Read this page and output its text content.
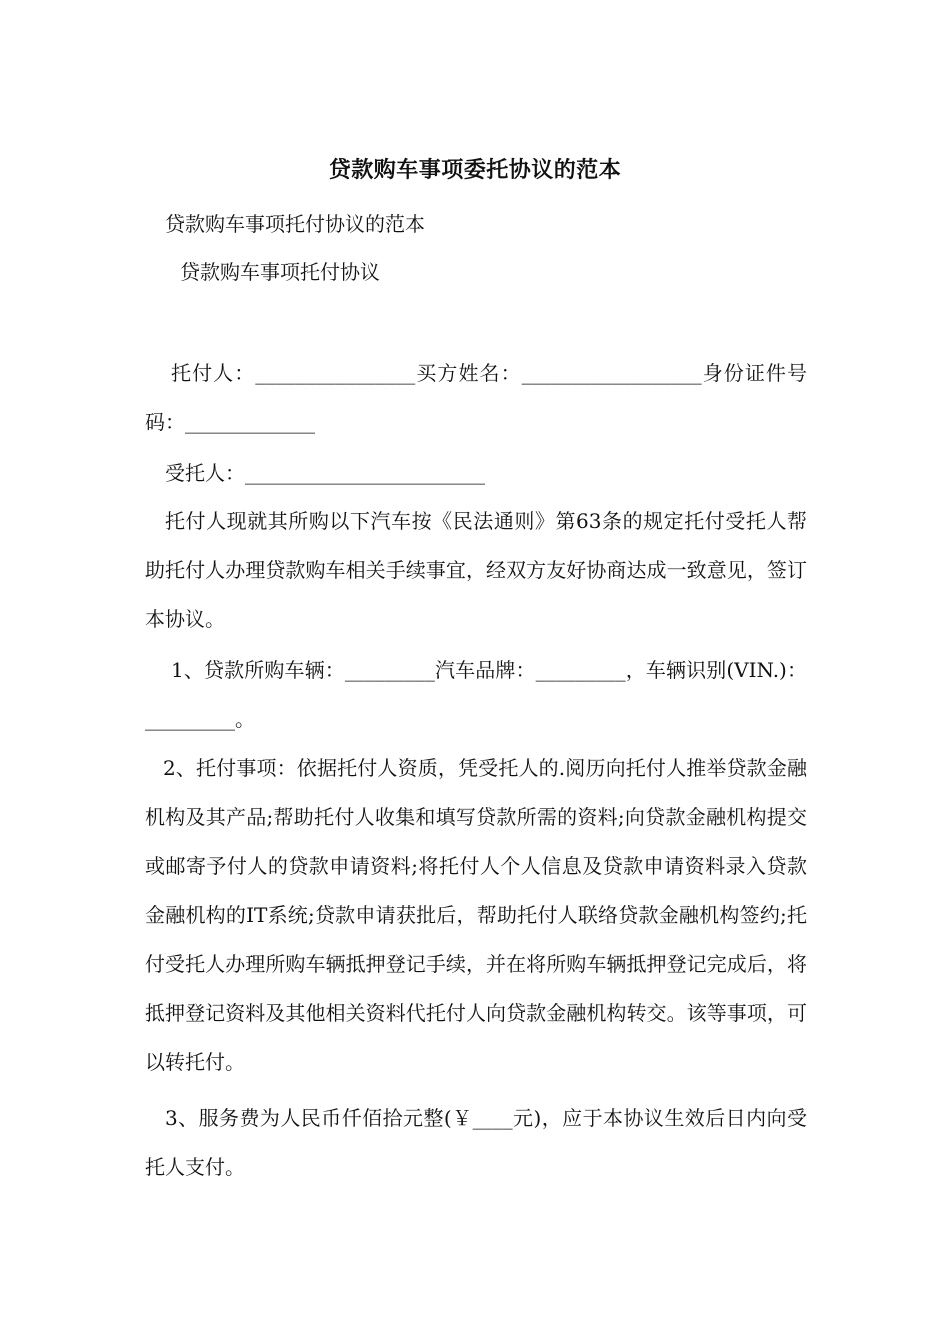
贷款购车事项委托协议的范本
贷款购车事项托付协议的范本
贷款购车事项托付协议
托付人：________________买方姓名：__________________身份证件号码：_____________
受托人：________________________
托付人现就其所购以下汽车按《民法通则》第63条的规定托付受托人帮助托付人办理贷款购车相关手续事宜，经双方友好协商达成一致意见，签订本协议。
1、贷款所购车辆：_________汽车品牌：_________，车辆识别(VIN.)：_________。
2、托付事项：依据托付人资质，凭受托人的.阅历向托付人推举贷款金融机构及其产品;帮助托付人收集和填写贷款所需的资料;向贷款金融机构提交或邮寄予付人的贷款申请资料;将托付人个人信息及贷款申请资料录入贷款金融机构的IT系统;贷款申请获批后，帮助托付人联络贷款金融机构签约;托付受托人办理所购车辆抵押登记手续，并在将所购车辆抵押登记完成后，将抵押登记资料及其他相关资料代托付人向贷款金融机构转交。该等事项，可以转托付。
3、服务费为人民币仟佰拾元整(￥____元)，应于本协议生效后日内向受托人支付。
